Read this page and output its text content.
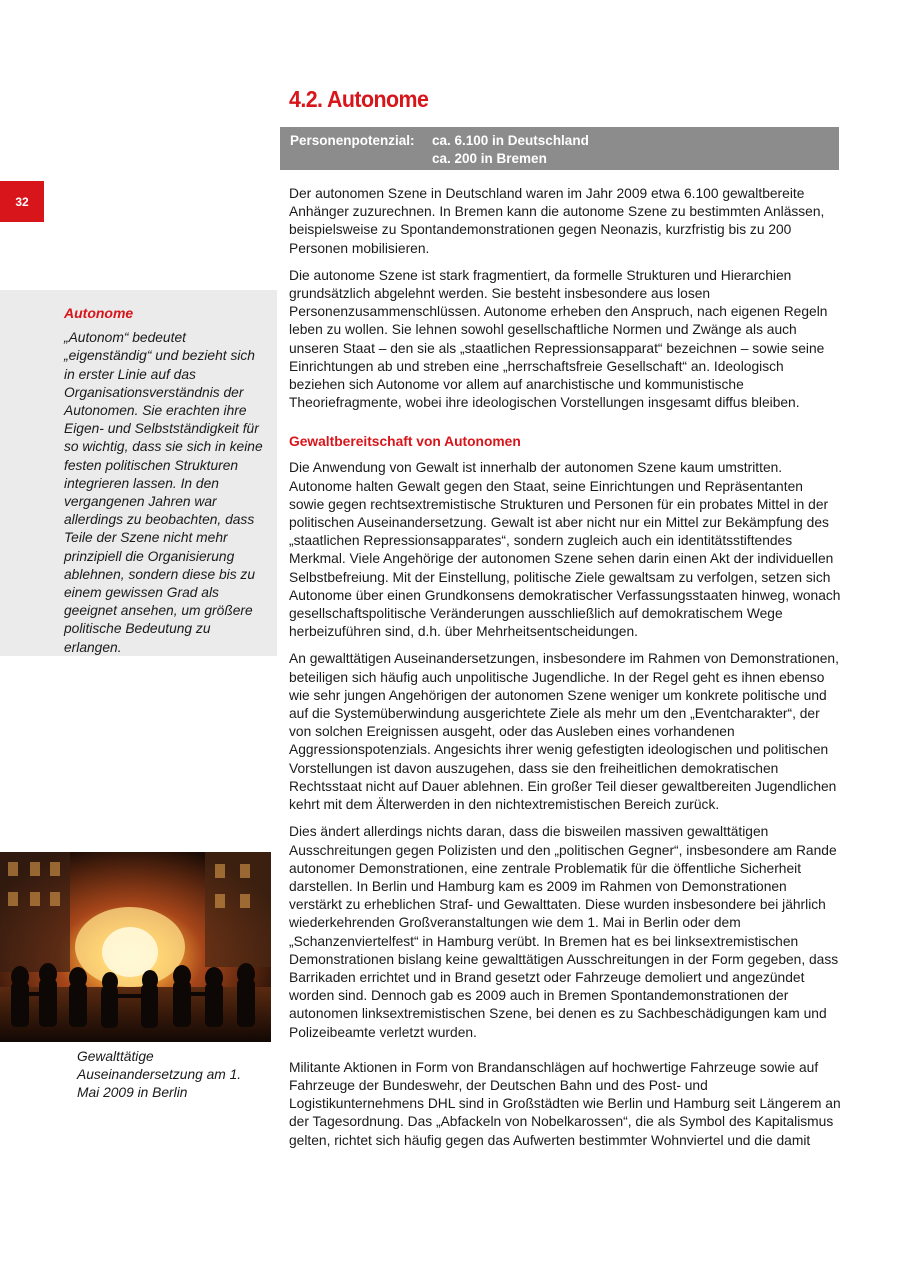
32
4.2. Autonome
Personenpotenzial:	ca. 6.100 in Deutschland
ca. 200 in Bremen
Autonome

„Autonom“ bedeutet „eigenständig“ und bezieht sich in erster Linie auf das Organisationsverständnis der Autonomen. Sie erachten ihre Eigen- und Selbstständigkeit für so wichtig, dass sie sich in keine festen politischen Strukturen integrieren lassen. In den vergangenen Jahren war allerdings zu beobachten, dass Teile der Szene nicht mehr prinzipiell die Organisierung ablehnen, sondern diese bis zu einem gewissen Grad als geeignet ansehen, um größere politische Bedeutung zu erlangen.

Gewalttätige Auseinandersetzung am 1. Mai 2009 in Berlin

Der autonomen Szene in Deutschland waren im Jahr 2009 etwa 6.100 gewaltbereite Anhänger zuzurechnen. In Bremen kann die autonome Szene zu bestimmten Anlässen, beispielsweise zu Spontandemonstrationen gegen Neonazis, kurzfristig bis zu 200 Personen mobilisieren.

Die autonome Szene ist stark fragmentiert, da formelle Strukturen und Hierarchien grundsätzlich abgelehnt werden. Sie besteht insbesondere aus losen Personenzusammenschlüssen. Autonome erheben den Anspruch, nach eigenen Regeln leben zu wollen. Sie lehnen sowohl gesellschaftliche Normen und Zwänge als auch unseren Staat – den sie als „staatlichen Repressionsapparat“ bezeichnen – sowie seine Einrichtungen ab und streben eine „herrschaftsfreie Gesellschaft“ an. Ideologisch beziehen sich Autonome vor allem auf anarchistische und kommunistische Theoriefragmente, wobei ihre ideologischen Vorstellungen insgesamt diffus bleiben.

Gewaltbereitschaft von Autonomen

Die Anwendung von Gewalt ist innerhalb der autonomen Szene kaum umstritten. Autonome halten Gewalt gegen den Staat, seine Einrichtungen und Repräsentanten sowie gegen rechtsextremistische Strukturen und Personen für ein probates Mittel in der politischen Auseinandersetzung. Gewalt ist aber nicht nur ein Mittel zur Bekämpfung des „staatlichen Repressionsapparates“, sondern zugleich auch ein identitätsstiftendes Merkmal. Viele Angehörige der autonomen Szene sehen darin einen Akt der individuellen Selbstbefreiung. Mit der Einstellung, politische Ziele gewaltsam zu verfolgen, setzen sich Autonome über einen Grundkonsens demokratischer Verfassungsstaaten hinweg, wonach gesellschaftspolitische Veränderungen ausschließlich auf demokratischem Wege herbeizuführen sind, d.h. über Mehrheitsentscheidungen.

An gewalttätigen Auseinandersetzungen, insbesondere im Rahmen von Demonstrationen, beteiligen sich häufig auch unpolitische Jugendliche. In der Regel geht es ihnen ebenso wie sehr jungen Angehörigen der autonomen Szene weniger um konkrete politische und auf die Systemüberwindung ausgerichtete Ziele als mehr um den „Eventcharakter“, der von solchen Ereignissen ausgeht, oder das Ausleben eines vorhandenen Aggressionspotenzials. Angesichts ihrer wenig gefestigten ideologischen und politischen Vorstellungen ist davon auszugehen, dass sie den freiheitlichen demokratischen Rechtsstaat nicht auf Dauer ablehnen. Ein großer Teil dieser gewaltbereiten Jugendlichen kehrt mit dem Älterwerden in den nichtextremistischen Bereich zurück.

Dies ändert allerdings nichts daran, dass die bisweilen massiven gewalttätigen Ausschreitungen gegen Polizisten und den „politischen Gegner“, insbesondere am Rande autonomer Demonstrationen, eine zentrale Problematik für die öffentliche Sicherheit darstellen. In Berlin und Hamburg kam es 2009 im Rahmen von Demonstrationen verstärkt zu erheblichen Straf- und Gewalttaten. Diese wurden insbesondere bei jährlich wiederkehrenden Großveranstaltungen wie dem 1. Mai in Berlin oder dem „Schanzenviertelfest“ in Hamburg verübt. In Bremen hat es bei linksextremistischen Demonstrationen bislang keine gewalttätigen Ausschreitungen in der Form gegeben, dass Barrikaden errichtet und in Brand gesetzt oder Fahrzeuge demoliert und angezündet worden sind. Dennoch gab es 2009 auch in Bremen Spontandemonstrationen der autonomen linksextremistischen Szene, bei denen es zu Sachbeschädigungen kam und Polizeibeamte verletzt wurden.

Militante Aktionen in Form von Brandanschlägen auf hochwertige Fahrzeuge sowie auf Fahrzeuge der Bundeswehr, der Deutschen Bahn und des Post- und Logistikunternehmens DHL sind in Großstädten wie Berlin und Hamburg seit Längerem an der Tagesordnung. Das „Abfackeln von Nobelkarossen“, die als Symbol des Kapitalismus gelten, richtet sich häufig gegen das Aufwerten bestimmter Wohnviertel und die damit
